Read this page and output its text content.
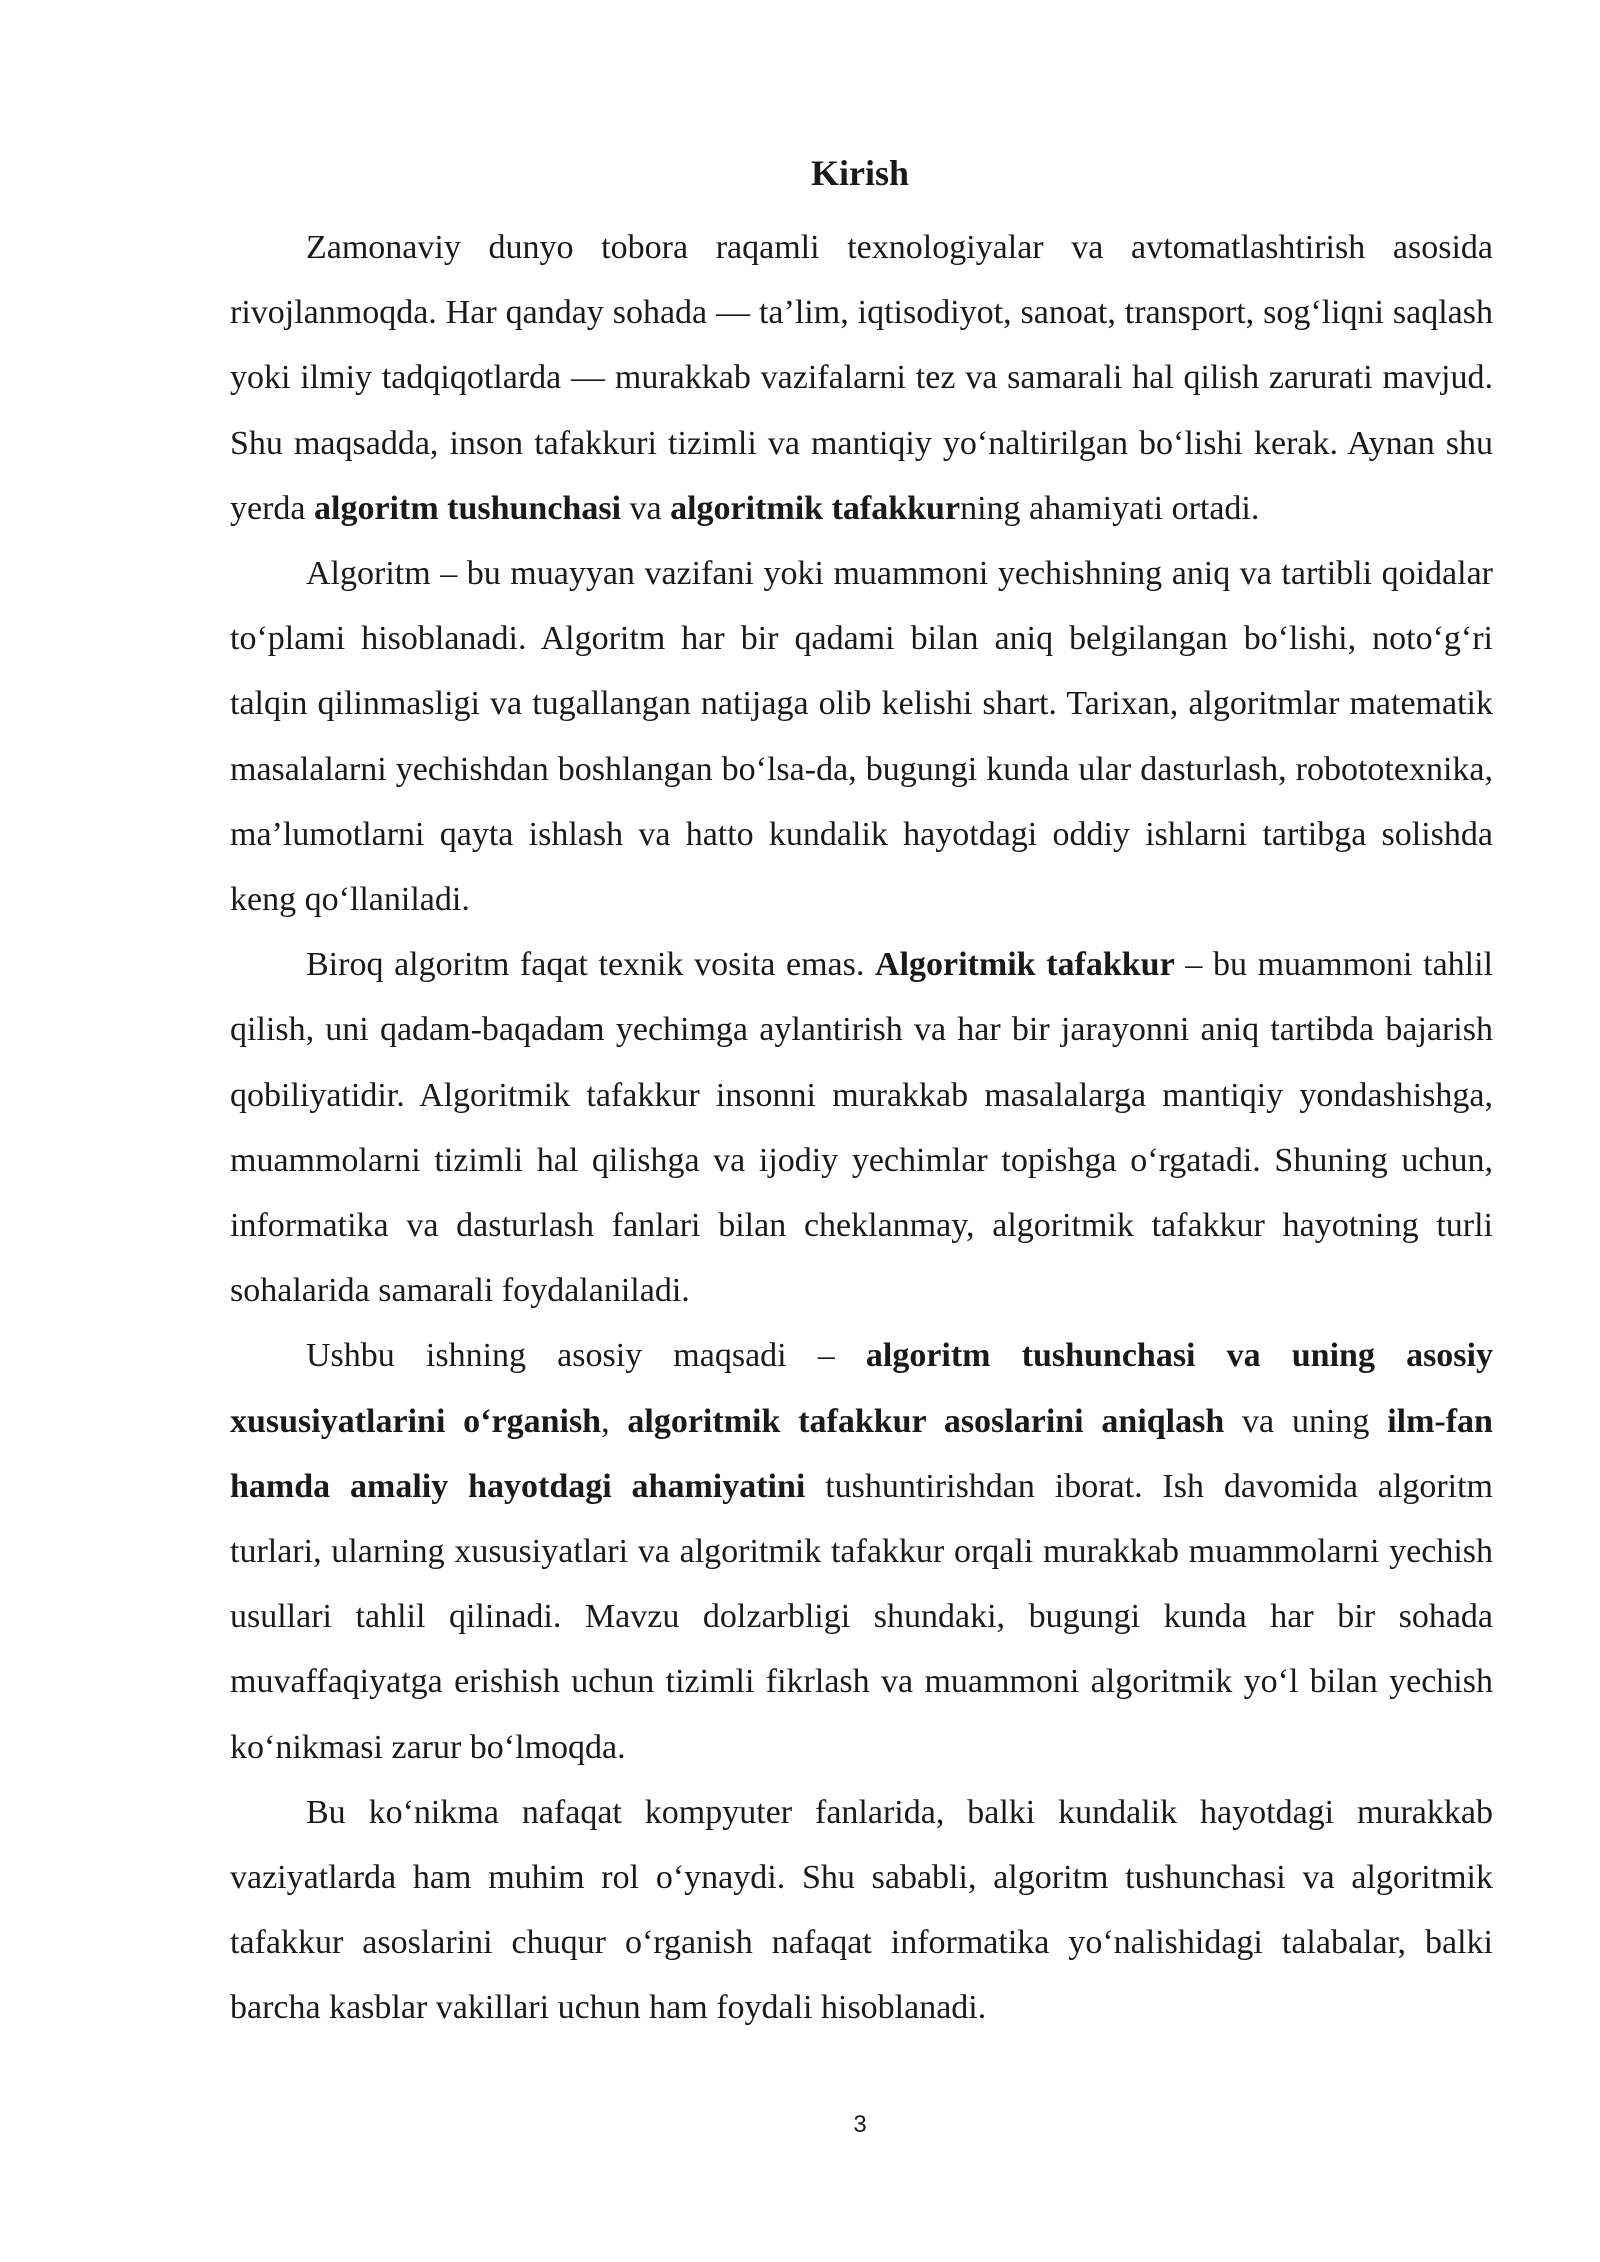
Kirish

Zamonaviy dunyo tobora raqamli texnologiyalar va avtomatlashtirish asosida rivojlanmoqda. Har qanday sohada — ta’lim, iqtisodiyot, sanoat, transport, sog‘liqni saqlash yoki ilmiy tadqiqotlarda — murakkab vazifalarni tez va samarali hal qilish zarurati mavjud. Shu maqsadda, inson tafakkuri tizimli va mantiqiy yo‘naltirilgan bo‘lishi kerak. Aynan shu yerda algoritm tushunchasi va algoritmik tafakkurning ahamiyati ortadi.

Algoritm – bu muayyan vazifani yoki muammoni yechishning aniq va tartibli qoidalar to‘plami hisoblanadi. Algoritm har bir qadami bilan aniq belgilangan bo‘lishi, noto‘g‘ri talqin qilinmasligi va tugallangan natijaga olib kelishi shart. Tarixan, algoritmlar matematik masalalarni yechishdan boshlangan bo‘lsa-da, bugungi kunda ular dasturlash, robototexnika, ma’lumotlarni qayta ishlash va hatto kundalik hayotdagi oddiy ishlarni tartibga solishda keng qo‘llaniladi.

Biroq algoritm faqat texnik vosita emas. Algoritmik tafakkur – bu muammoni tahlil qilish, uni qadam-baqadam yechimga aylantirish va har bir jarayonni aniq tartibda bajarish qobiliyatidir. Algoritmik tafakkur insonni murakkab masalalarga mantiqiy yondashishga, muammolarni tizimli hal qilishga va ijodiy yechimlar topishga o‘rgatadi. Shuning uchun, informatika va dasturlash fanlari bilan cheklanmay, algoritmik tafakkur hayotning turli sohalarida samarali foydalaniladi.

Ushbu ishning asosiy maqsadi – algoritm tushunchasi va uning asosiy xususiyatlarini o‘rganish, algoritmik tafakkur asoslarini aniqlash va uning ilm-fan hamda amaliy hayotdagi ahamiyatini tushuntirishdan iborat. Ish davomida algoritm turlari, ularning xususiyatlari va algoritmik tafakkur orqali murakkab muammolarni yechish usullari tahlil qilinadi. Mavzu dolzarbligi shundaki, bugungi kunda har bir sohada muvaffaqiyatga erishish uchun tizimli fikrlash va muammoni algoritmik yo‘l bilan yechish ko‘nikmasi zarur bo‘lmoqda.

Bu ko‘nikma nafaqat kompyuter fanlarida, balki kundalik hayotdagi murakkab vaziyatlarda ham muhim rol o‘ynaydi. Shu sababli, algoritm tushunchasi va algoritmik tafakkur asoslarini chuqur o‘rganish nafaqat informatika yo‘nalishidagi talabalar, balki barcha kasblar vakillari uchun ham foydali hisoblanadi.

3
